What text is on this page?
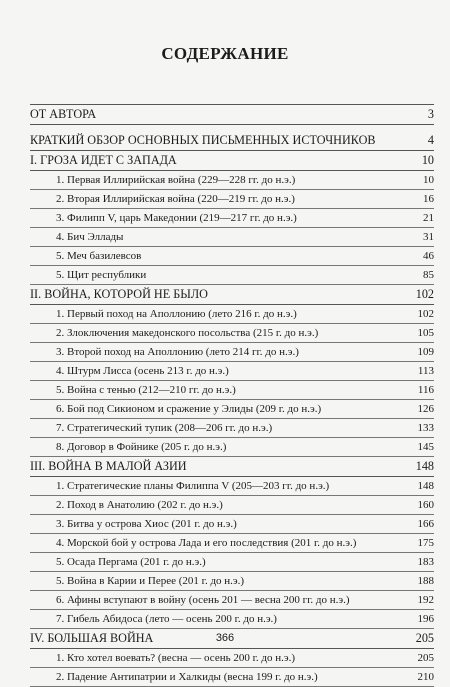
СОДЕРЖАНИЕ
ОТ АВТОРА	3
КРАТКИЙ ОБЗОР ОСНОВНЫХ ПИСЬМЕННЫХ ИСТОЧНИКОВ	4
I. ГРОЗА ИДЕТ С ЗАПАДА	10
1. Первая Иллирийская война (229—228 гг. до н.э.)	10
2. Вторая Иллирийская война (220—219 гг. до н.э.)	16
3. Филипп V, царь Македонии (219—217 гг. до н.э.)	21
4. Бич Эллады	31
5. Меч базилевсов	46
5. Щит республики	85
II. ВОЙНА, КОТОРОЙ НЕ БЫЛО	102
1. Первый поход на Аполлонию (лето 216 г. до н.э.)	102
2. Злоключения македонского посольства (215 г. до н.э.)	105
3. Второй поход на Аполлонию (лето 214 гг. до н.э.)	109
4. Штурм Лисса (осень 213 г. до н.э.)	113
5. Война с тенью (212—210 гг. до н.э.)	116
6. Бой под Сикионом и сражение у Элиды (209 г. до н.э.)	126
7. Стратегический тупик (208—206 гг. до н.э.)	133
8. Договор в Фойнике (205 г. до н.э.)	145
III. ВОЙНА В МАЛОЙ АЗИИ	148
1. Стратегические планы Филиппа V (205—203 гг. до н.э.)	148
2. Поход в Анатолию (202 г. до н.э.)	160
3. Битва у острова Хиос (201 г. до н.э.)	166
4. Морской бой у острова Лада и его последствия (201 г. до н.э.)	175
5. Осада Пергама (201 г. до н.э.)	183
5. Война в Карии и Перее (201 г. до н.э.)	188
6. Афины вступают в войну (осень 201 — весна 200 гг. до н.э.)	192
7. Гибель Абидоса (лето — осень 200 г. до н.э.)	196
IV. БОЛЬШАЯ ВОЙНА	205
1. Кто хотел воевать? (весна — осень 200 г. до н.э.)	205
2. Падение Антипатрии и Халкиды (весна 199 г. до н.э.)	210
366
